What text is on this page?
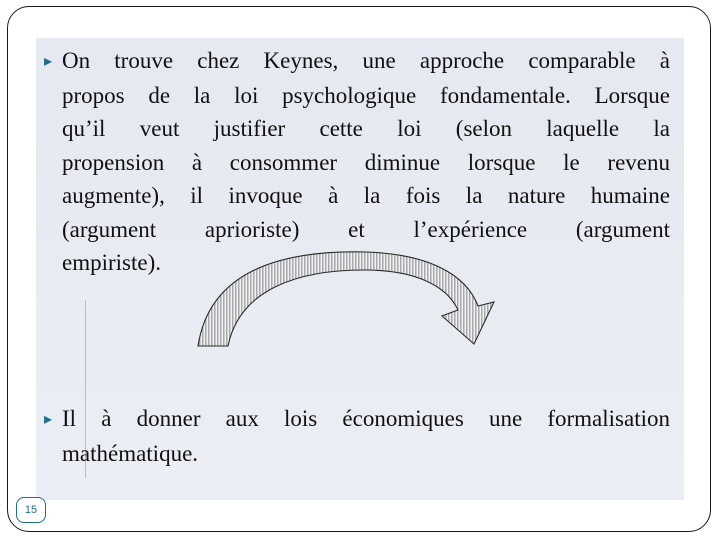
▸ On trouve chez Keynes, une approche comparable à
propos de la loi psychologique fondamentale. Lorsque
qu’il veut justifier cette loi (selon laquelle la
propension à consommer diminue lorsque le revenu
augmente), il invoque à la fois la nature humaine
(argument aprioriste) et l’expérience (argument
empiriste).
▸ Il à donner aux lois économiques une formalisation
mathématique.
15
